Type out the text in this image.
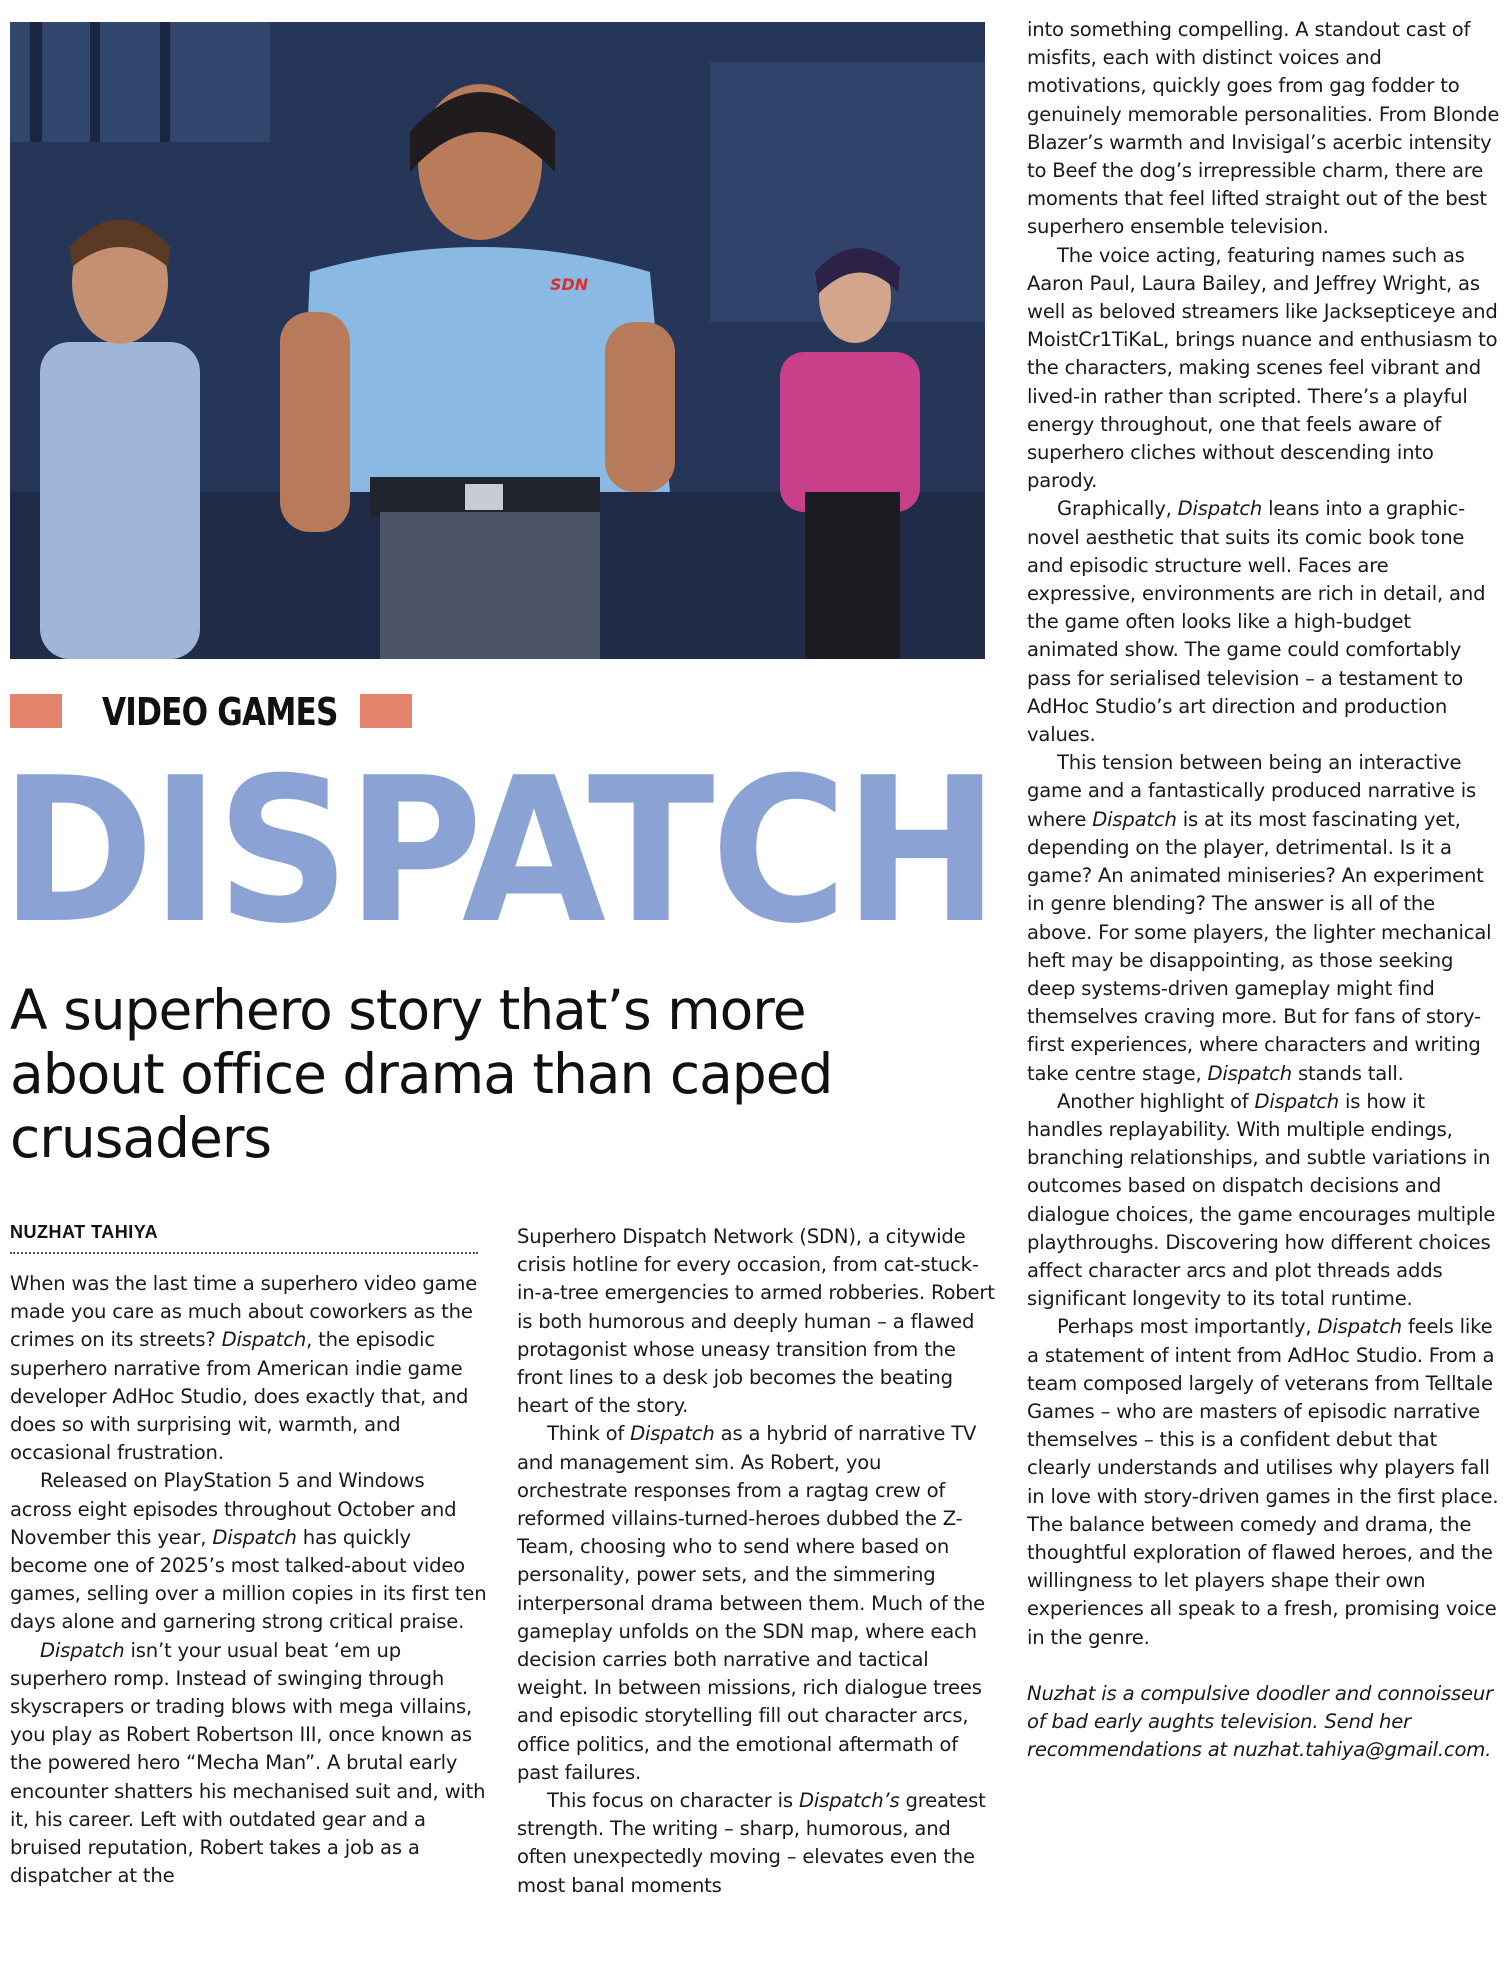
SDN
VIDEO GAMES
DISPATCH
A superhero story that’s more about office drama than caped crusaders
NUZHAT TAHIYA

When was the last time a superhero video game made you care as much about coworkers as the crimes on its streets? Dispatch, the episodic superhero narrative from American indie game developer AdHoc Studio, does exactly that, and does so with surprising wit, warmth, and occasional frustration.

Released on PlayStation 5 and Windows across eight episodes throughout October and November this year, Dispatch has quickly become one of 2025’s most talked-about video games, selling over a million copies in its first ten days alone and garnering strong critical praise.

Dispatch isn’t your usual beat ‘em up superhero romp. Instead of swinging through skyscrapers or trading blows with mega villains, you play as Robert Robertson III, once known as the powered hero “Mecha Man”. A brutal early encounter shatters his mechanised suit and, with it, his career. Left with outdated gear and a bruised reputation, Robert takes a job as a dispatcher at the

Superhero Dispatch Network (SDN), a citywide crisis hotline for every occasion, from cat-stuck-in-a-tree emergencies to armed robberies. Robert is both humorous and deeply human – a flawed protagonist whose uneasy transition from the front lines to a desk job becomes the beating heart of the story.

Think of Dispatch as a hybrid of narrative TV and management sim. As Robert, you orchestrate responses from a ragtag crew of reformed villains-turned-heroes dubbed the Z-Team, choosing who to send where based on personality, power sets, and the simmering interpersonal drama between them. Much of the gameplay unfolds on the SDN map, where each decision carries both narrative and tactical weight. In between missions, rich dialogue trees and episodic storytelling fill out character arcs, office politics, and the emotional aftermath of past failures.

This focus on character is Dispatch’s greatest strength. The writing – sharp, humorous, and often unexpectedly moving – elevates even the most banal moments

into something compelling. A standout cast of misfits, each with distinct voices and motivations, quickly goes from gag fodder to genuinely memorable personalities. From Blonde Blazer’s warmth and Invisigal’s acerbic intensity to Beef the dog’s irrepressible charm, there are moments that feel lifted straight out of the best superhero ensemble television.

The voice acting, featuring names such as Aaron Paul, Laura Bailey, and Jeffrey Wright, as well as beloved streamers like Jacksepticeye and MoistCr1TiKaL, brings nuance and enthusiasm to the characters, making scenes feel vibrant and lived-in rather than scripted. There’s a playful energy throughout, one that feels aware of superhero cliches without descending into parody.

Graphically, Dispatch leans into a graphic-novel aesthetic that suits its comic book tone and episodic structure well. Faces are expressive, environments are rich in detail, and the game often looks like a high-budget animated show. The game could comfortably pass for serialised television – a testament to AdHoc Studio’s art direction and production values.

This tension between being an interactive game and a fantastically produced narrative is where Dispatch is at its most fascinating yet, depending on the player, detrimental. Is it a game? An animated miniseries? An experiment in genre blending? The answer is all of the above. For some players, the lighter mechanical heft may be disappointing, as those seeking deep systems-driven gameplay might find themselves craving more. But for fans of story-first experiences, where characters and writing take centre stage, Dispatch stands tall.

Another highlight of Dispatch is how it handles replayability. With multiple endings, branching relationships, and subtle variations in outcomes based on dispatch decisions and dialogue choices, the game encourages multiple playthroughs. Discovering how different choices affect character arcs and plot threads adds significant longevity to its total runtime.

Perhaps most importantly, Dispatch feels like a statement of intent from AdHoc Studio. From a team composed largely of veterans from Telltale Games – who are masters of episodic narrative themselves – this is a confident debut that clearly understands and utilises why players fall in love with story-driven games in the first place. The balance between comedy and drama, the thoughtful exploration of flawed heroes, and the willingness to let players shape their own experiences all speak to a fresh, promising voice in the genre.

Nuzhat is a compulsive doodler and connoisseur of bad early aughts television. Send her recommendations at nuzhat.tahiya@gmail.com.
